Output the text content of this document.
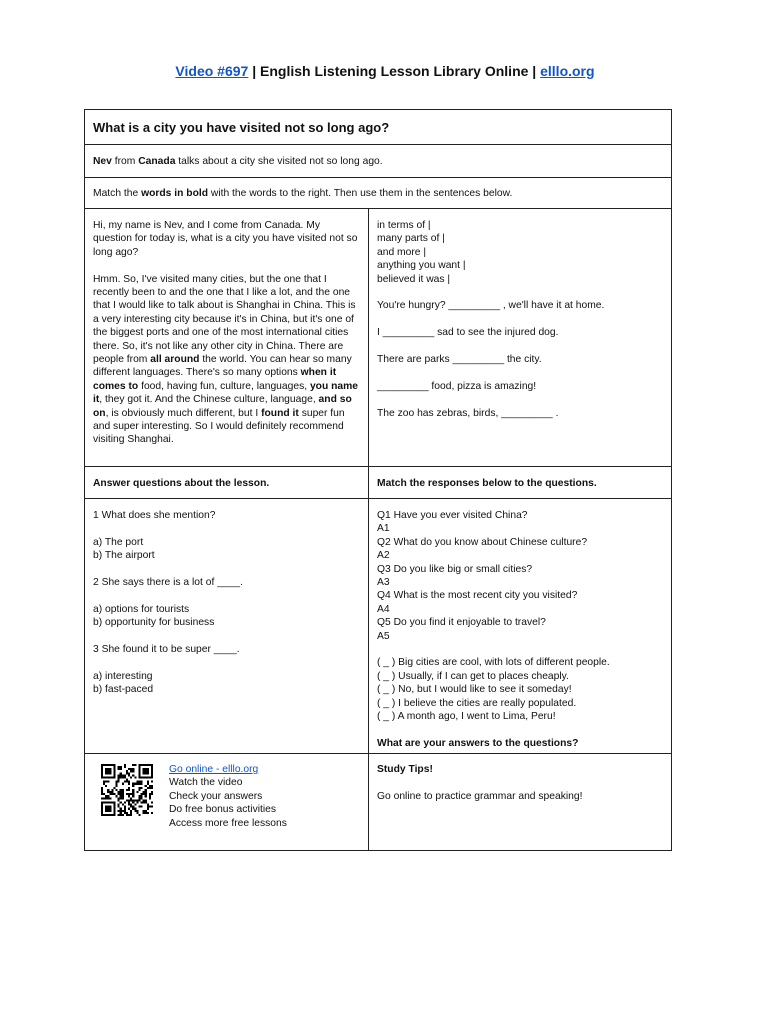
Video #697 | English Listening Lesson Library Online | elllo.org
What is a city you have visited not so long ago?
Nev from Canada talks about a city she visited not so long ago.
Match the words in bold with the words to the right. Then use them in the sentences below.
Hi, my name is Nev, and I come from Canada. My question for today is, what is a city you have visited not so long ago?
Hmm. So, I've visited many cities, but the one that I recently been to and the one that I like a lot, and the one that I would like to talk about is Shanghai in China. This is a very interesting city because it's in China, but it's one of the biggest ports and one of the most international cities there. So, it's not like any other city in China. There are people from all around the world. You can hear so many different languages. There's so many options when it comes to food, having fun, culture, languages, you name it, they got it. And the Chinese culture, language, and so on, is obviously much different, but I found it super fun and super interesting. So I would definitely recommend visiting Shanghai.
in terms of |
many parts of |
and more |
anything you want |
believed it was |
You're hungry? _________ , we'll have it at home.
I _________ sad to see the injured dog.
There are parks _________ the city.
_________ food, pizza is amazing!
The zoo has zebras, birds, _________ .
Answer questions about the lesson.	Match the responses below to the questions.
1 What does she mention?
a) The port
b) The airport
2 She says there is a lot of ____.
a) options for tourists
b) opportunity for business
3 She found it to be super ____.
a) interesting
b) fast-paced
Q1 Have you ever visited China?
A1
Q2 What do you know about Chinese culture?
A2
Q3 Do you like big or small cities?
A3
Q4 What is the most recent city you visited?
A4
Q5 Do you find it enjoyable to travel?
A5
( _ ) Big cities are cool, with lots of different people.
( _ ) Usually, if I can get to places cheaply.
( _ ) No, but I would like to see it someday!
( _ ) I believe the cities are really populated.
( _ ) A month ago, I went to Lima, Peru!
What are your answers to the questions?
Go online - elllo.org
Watch the video
Check your answers
Do free bonus activities
Access more free lessons
Study Tips!
Go online to practice grammar and speaking!
